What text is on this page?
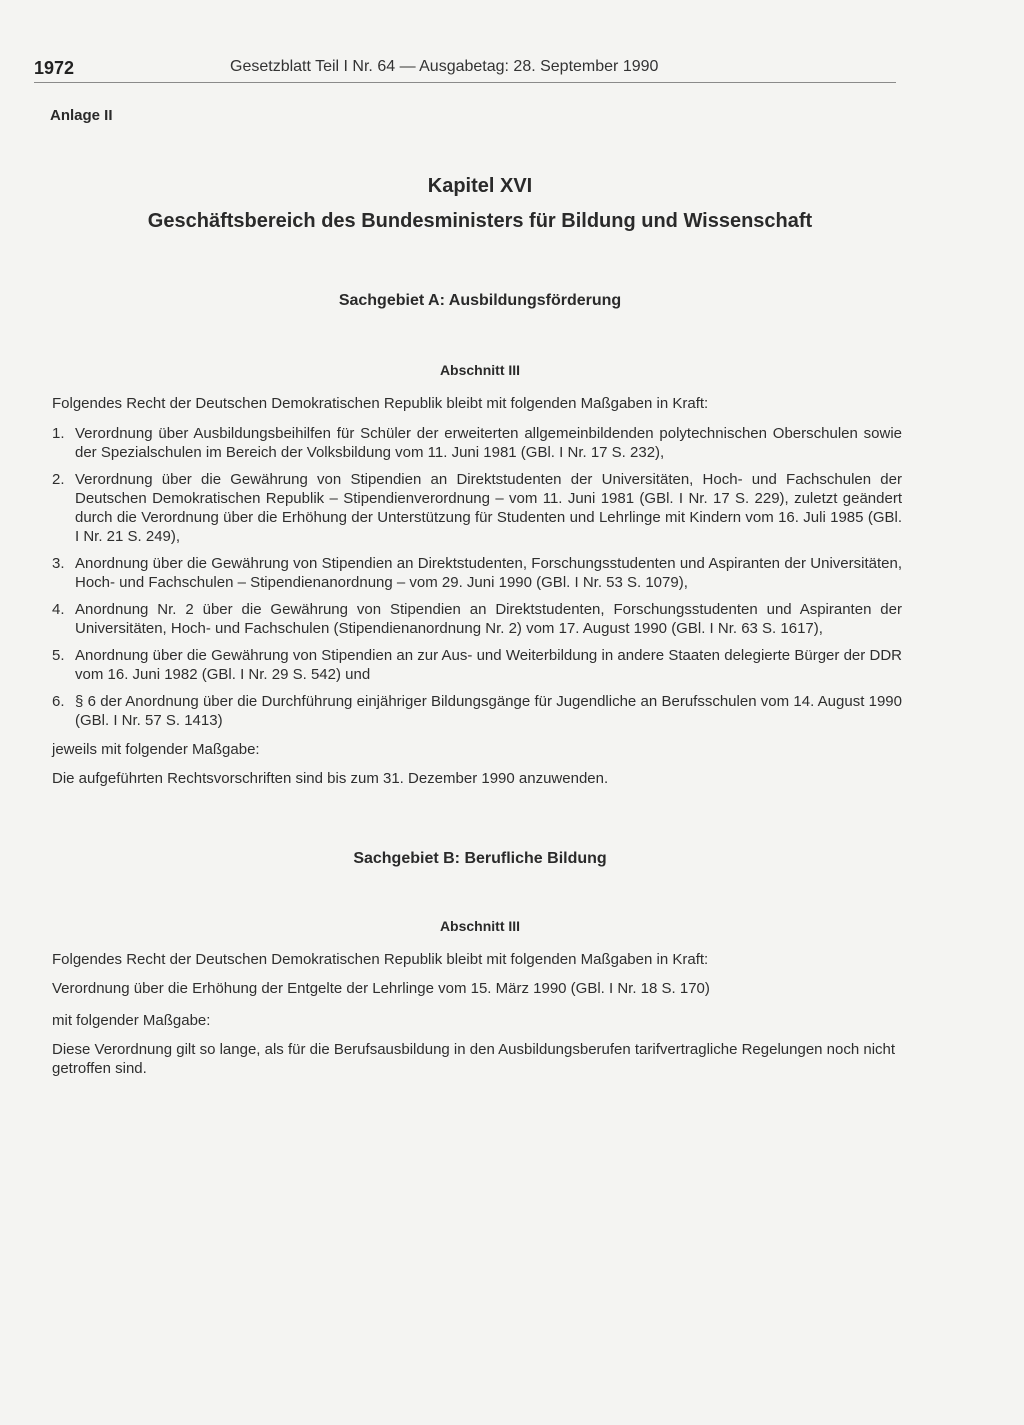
1972	Gesetzblatt Teil I Nr. 64 — Ausgabetag: 28. September 1990
Anlage II
Kapitel XVI
Geschäftsbereich des Bundesministers für Bildung und Wissenschaft
Sachgebiet A: Ausbildungsförderung
Abschnitt III
Folgendes Recht der Deutschen Demokratischen Republik bleibt mit folgenden Maßgaben in Kraft:
1. Verordnung über Ausbildungsbeihilfen für Schüler der erweiterten allgemeinbildenden polytechnischen Oberschulen sowie der Spezialschulen im Bereich der Volksbildung vom 11. Juni 1981 (GBl. I Nr. 17 S. 232),
2. Verordnung über die Gewährung von Stipendien an Direktstudenten der Universitäten, Hoch- und Fachschulen der Deutschen Demokratischen Republik – Stipendienverordnung – vom 11. Juni 1981 (GBl. I Nr. 17 S. 229), zuletzt geändert durch die Verordnung über die Erhöhung der Unterstützung für Studenten und Lehrlinge mit Kindern vom 16. Juli 1985 (GBl. I Nr. 21 S. 249),
3. Anordnung über die Gewährung von Stipendien an Direktstudenten, Forschungsstudenten und Aspiranten der Universitäten, Hoch- und Fachschulen – Stipendienanordnung – vom 29. Juni 1990 (GBl. I Nr. 53 S. 1079),
4. Anordnung Nr. 2 über die Gewährung von Stipendien an Direktstudenten, Forschungsstudenten und Aspiranten der Universitäten, Hoch- und Fachschulen (Stipendienanordnung Nr. 2) vom 17. August 1990 (GBl. I Nr. 63 S. 1617),
5. Anordnung über die Gewährung von Stipendien an zur Aus- und Weiterbildung in andere Staaten delegierte Bürger der DDR vom 16. Juni 1982 (GBl. I Nr. 29 S. 542) und
6. § 6 der Anordnung über die Durchführung einjähriger Bildungsgänge für Jugendliche an Berufsschulen vom 14. August 1990 (GBl. I Nr. 57 S. 1413)
jeweils mit folgender Maßgabe:
Die aufgeführten Rechtsvorschriften sind bis zum 31. Dezember 1990 anzuwenden.
Sachgebiet B: Berufliche Bildung
Abschnitt III
Folgendes Recht der Deutschen Demokratischen Republik bleibt mit folgenden Maßgaben in Kraft:
Verordnung über die Erhöhung der Entgelte der Lehrlinge vom 15. März 1990 (GBl. I Nr. 18 S. 170)
mit folgender Maßgabe:
Diese Verordnung gilt so lange, als für die Berufsausbildung in den Ausbildungsberufen tarifvertragliche Regelungen noch nicht getroffen sind.
